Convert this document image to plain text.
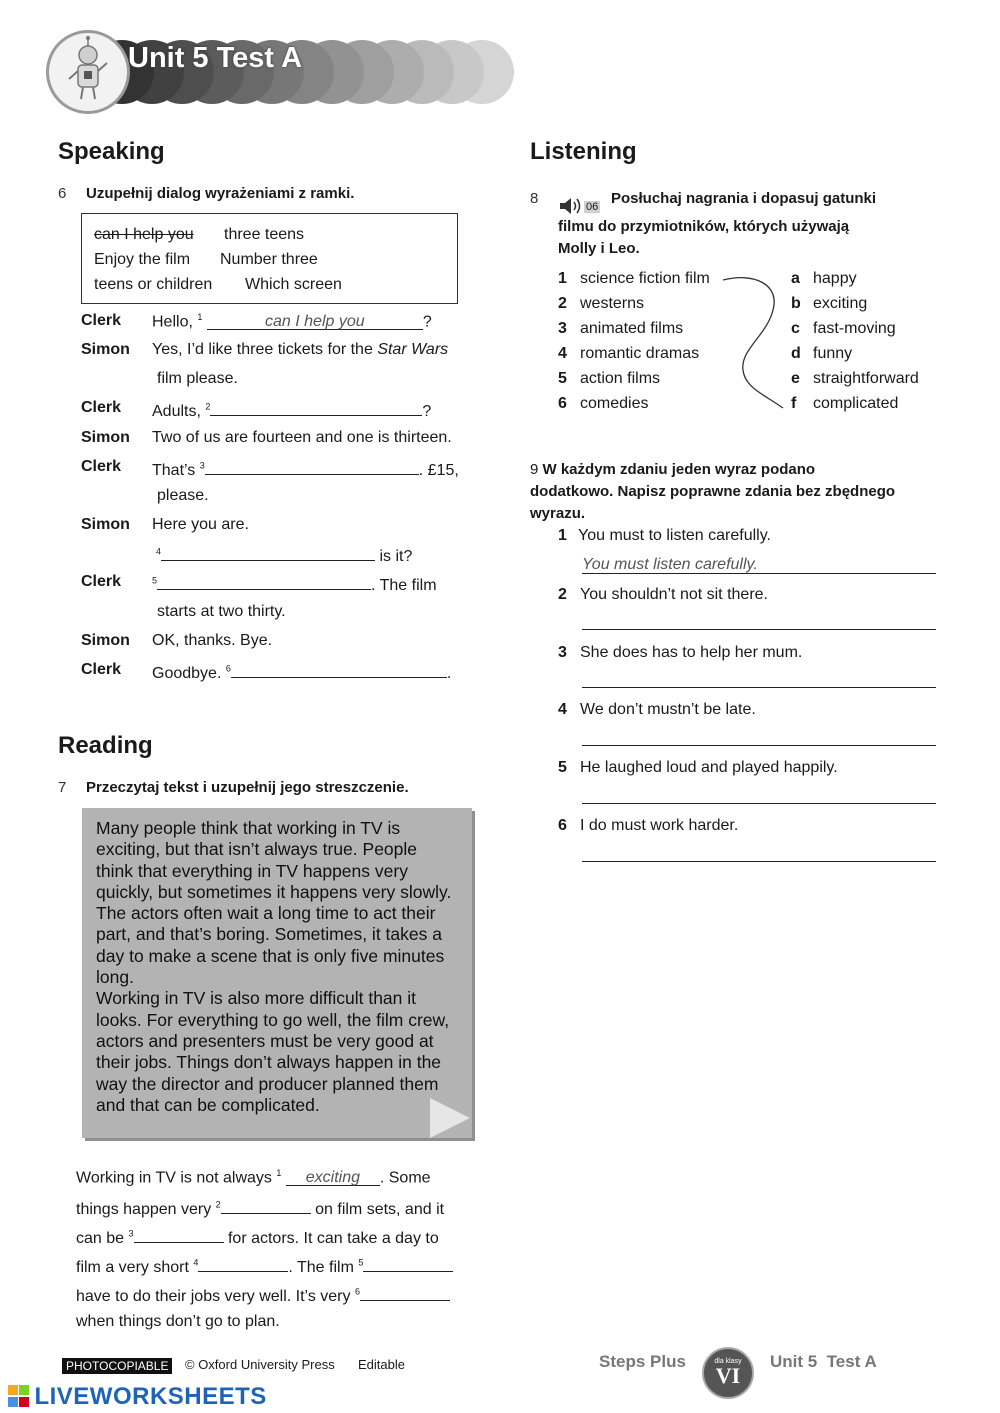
Unit 5 Test A
Speaking
6 Uzupełnij dialog wyrażeniami z ramki.
can I help you three teens
Enjoy the film Number three
teens or children Which screen
Clerk Hello, $^1$	can I help you	?
Simon Yes, I’d like three tickets for the Star Wars
film please.
Clerk Adults, $^2$	?
Simon Two of us are fourteen and one is thirteen.
Clerk That’s $^3$	. £15,
please.
Simon Here you are.
$^4$	is it?
Clerk	$^5$	. The film
starts at two thirty.
Simon OK, thanks. Bye.
Clerk Goodbye. $^6$	.
Reading
7 Przeczytaj tekst i uzupełnij jego streszczenie.

Many people think that working in TV is exciting, but that isn’t always true. People think that everything in TV happens very quickly, but sometimes it happens very slowly. The actors often wait a long time to act their part, and that’s boring. Sometimes, it takes a day to make a scene that is only five minutes long.

Working in TV is also more difficult than it looks. For everything to go well, the film crew, actors and presenters must be very good at their jobs. Things don’t always happen in the way the director and producer planned them and that can be complicated.

Working in TV is not always $^1$ exciting . Some
things happen very $^2$	on film sets, and it
can be $^3$	for actors. It can take a day to
film a very short $^4$	. The film $^5$
have to do their jobs very well. It’s very $^6$
when things don’t go to plan.
Listening
8	06 Posłuchaj nagrania i dopasuj gatunki
filmu do przymiotników, których używają
Molly i Leo.
1 science fiction film
2 westerns
3 animated films
4 romantic dramas
5 action films
6 comedies
a happy
b exciting
c fast-moving
d funny
e straightforward
f complicated
9 W każdym zdaniu jeden wyraz podano
dodatkowo. Napisz poprawne zdania bez zbędnego
wyrazu.
1 You must to listen carefully.
You must listen carefully.
2 You shouldn’t not sit there.
3 She does has to help her mum.
4 We don’t mustn’t be late.
5 He laughed loud and played happily.
6 I do must work harder.
PHOTOCOPIABLE	© Oxford University Press Editable	Steps Plus	dla klasy
VI
Unit 5  Test A
LIVEWORKSHEETS
